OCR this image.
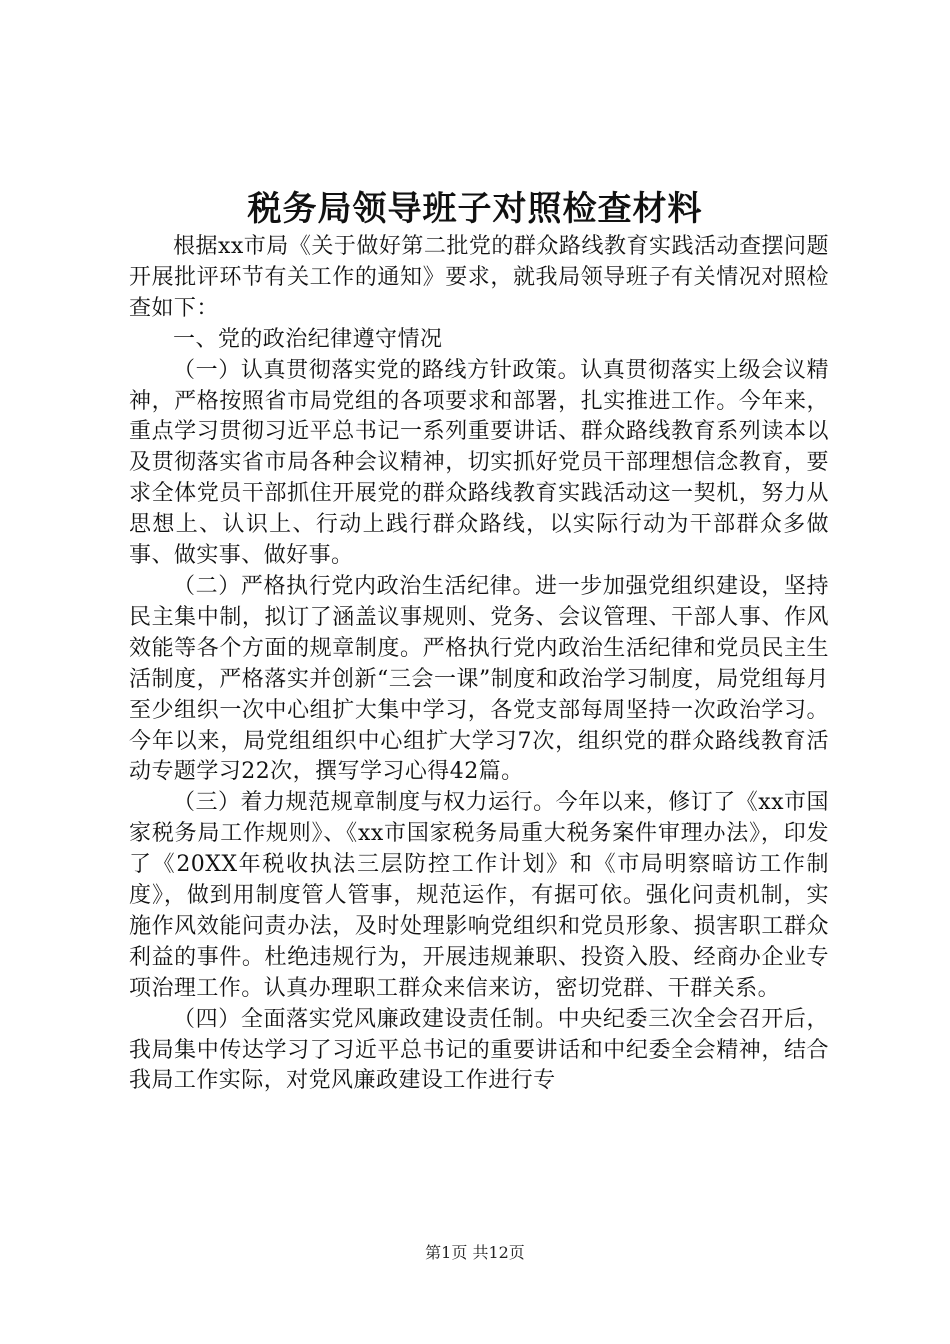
税务局领导班子对照检查材料

根据xx市局《关于做好第二批党的群众路线教育实践活动查摆问题开展批评环节有关工作的通知》要求，就我局领导班子有关情况对照检查如下：

一、党的政治纪律遵守情况

（一）认真贯彻落实党的路线方针政策。认真贯彻落实上级会议精神，严格按照省市局党组的各项要求和部署，扎实推进工作。今年来，重点学习贯彻习近平总书记一系列重要讲话、群众路线教育系列读本以及贯彻落实省市局各种会议精神，切实抓好党员干部理想信念教育，要求全体党员干部抓住开展党的群众路线教育实践活动这一契机，努力从思想上、认识上、行动上践行群众路线，以实际行动为干部群众多做事、做实事、做好事。

（二）严格执行党内政治生活纪律。进一步加强党组织建设，坚持民主集中制，拟订了涵盖议事规则、党务、会议管理、干部人事、作风效能等各个方面的规章制度。严格执行党内政治生活纪律和党员民主生活制度，严格落实并创新“三会一课”制度和政治学习制度，局党组每月至少组织一次中心组扩大集中学习，各党支部每周坚持一次政治学习。今年以来，局党组组织中心组扩大学习7次，组织党的群众路线教育活动专题学习22次，撰写学习心得42篇。

（三）着力规范规章制度与权力运行。今年以来，修订了《xx市国家税务局工作规则》、《xx市国家税务局重大税务案件审理办法》，印发了《20XX年税收执法三层防控工作计划》和《市局明察暗访工作制度》，做到用制度管人管事，规范运作，有据可依。强化问责机制，实施作风效能问责办法，及时处理影响党组织和党员形象、损害职工群众利益的事件。杜绝违规行为，开展违规兼职、投资入股、经商办企业专项治理工作。认真办理职工群众来信来访，密切党群、干群关系。

（四）全面落实党风廉政建设责任制。中央纪委三次全会召开后，我局集中传达学习了习近平总书记的重要讲话和中纪委全会精神，结合我局工作实际，对党风廉政建设工作进行专

第1页 共12页
